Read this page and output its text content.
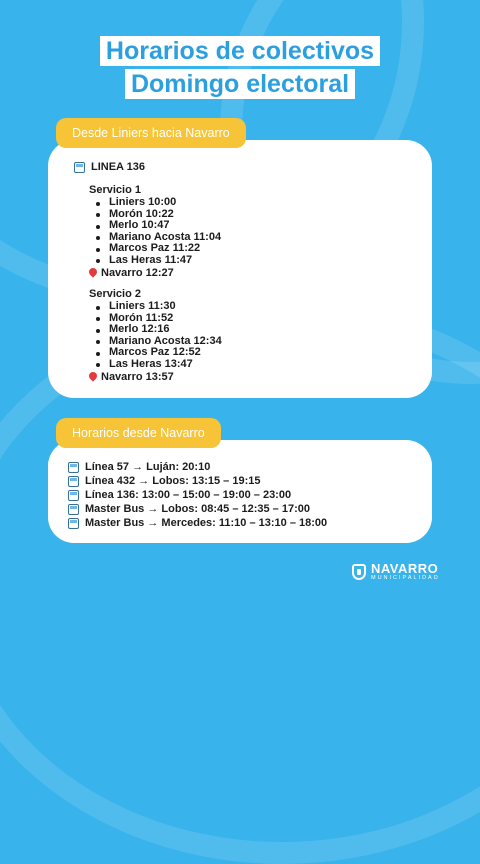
Horarios de colectivos
Domingo electoral
Desde Liniers hacia Navarro
LINEA 136
Servicio 1
Liniers 10:00
Morón 10:22
Merlo 10:47
Mariano Acosta 11:04
Marcos Paz 11:22
Las Heras 11:47
Navarro 12:27
Servicio 2
Liniers 11:30
Morón 11:52
Merlo 12:16
Mariano Acosta 12:34
Marcos Paz 12:52
Las Heras 13:47
Navarro 13:57
Horarios desde Navarro
Línea 57 → Luján: 20:10
Línea 432 → Lobos: 13:15 – 19:15
Línea 136: 13:00 – 15:00 – 19:00 – 23:00
Master Bus → Lobos: 08:45 – 12:35 – 17:00
Master Bus → Mercedes: 11:10 – 13:10 – 18:00
NAVARRO
MUNICIPALIDAD
